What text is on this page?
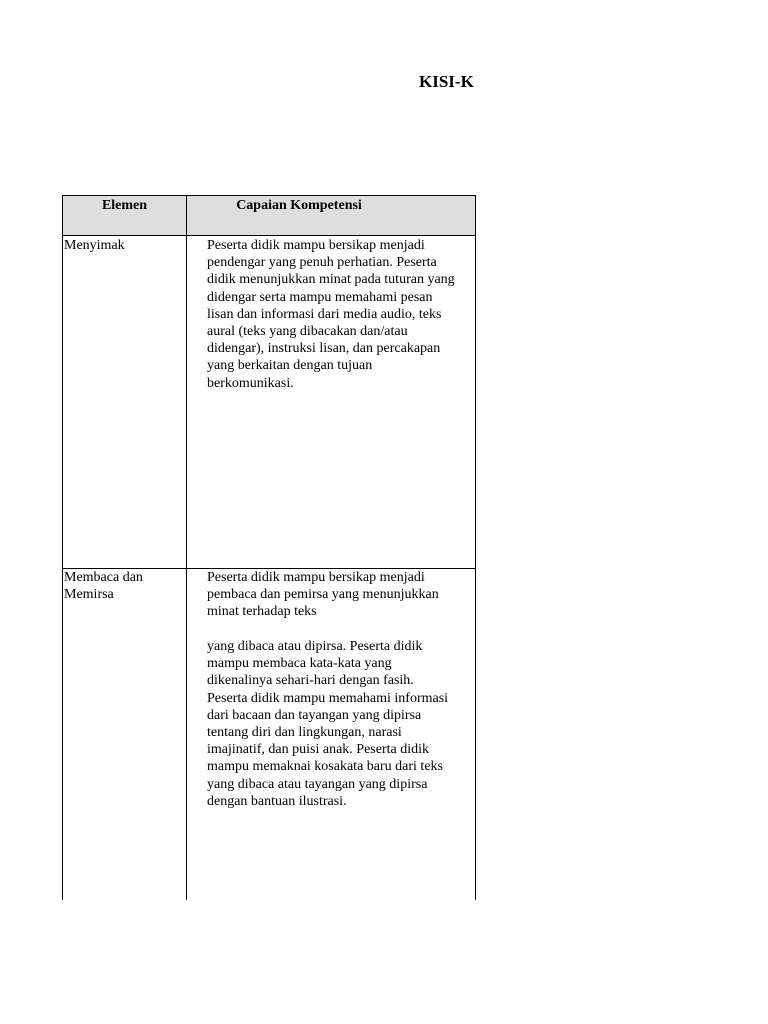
KISI-K
Elemen	Capaian Kompetensi
Menyimak	Peserta didik mampu bersikap menjadi
pendengar yang penuh perhatian. Peserta
didik menunjukkan minat pada tuturan yang
didengar serta mampu memahami pesan
lisan dan informasi dari media audio, teks
aural (teks yang dibacakan dan/atau
didengar), instruksi lisan, dan percakapan
yang berkaitan dengan tujuan
berkomunikasi.
Membaca dan
Memirsa
Peserta didik mampu bersikap menjadi
pembaca dan pemirsa yang menunjukkan
minat terhadap teks
yang dibaca atau dipirsa. Peserta didik
mampu membaca kata-kata yang
dikenalinya sehari-hari dengan fasih.
Peserta didik mampu memahami informasi
dari bacaan dan tayangan yang dipirsa
tentang diri dan lingkungan, narasi
imajinatif, dan puisi anak. Peserta didik
mampu memaknai kosakata baru dari teks
yang dibaca atau tayangan yang dipirsa
dengan bantuan ilustrasi.
